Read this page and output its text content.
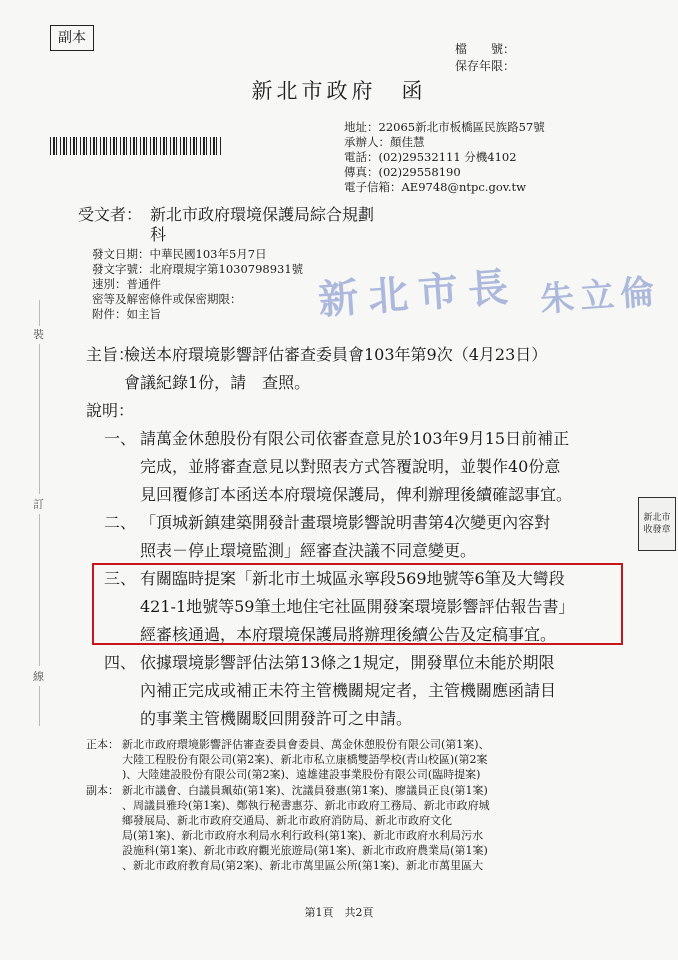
副本
檔　　號：
保存年限：
新北市政府　函
地址：22065新北市板橋區民族路57號
承辦人：顏佳慧
電話：(02)29532111 分機4102
傳真：(02)29558190
電子信箱：AE9748@ntpc.gov.tw
受文者： 新北市政府環境保護局綜合規劃
科
發文日期：中華民國103年5月7日
發文字號：北府環規字第1030798931號
速別：普通件
密等及解密條件或保密期限：
附件：如主旨	新北市長 朱立倫
主旨：
檢送本府環境影響評估審查委員會103年第9次（4月23日）
會議紀錄1份，請　查照。
說明：
一、 請萬金休憩股份有限公司依審查意見於103年9月15日前補正
完成，並將審查意見以對照表方式答覆說明，並製作40份意
見回覆修訂本函送本府環境保護局，俾利辦理後續確認事宜。
二、 「頂城新鎮建築開發計畫環境影響說明書第4次變更內容對
照表－停止環境監測」經審查決議不同意變更。
三、 有關臨時提案「新北市土城區永寧段569地號等6筆及大彎段
421-1地號等59筆土地住宅社區開發案環境影響評估報告書」
經審核通過，本府環境保護局將辦理後續公告及定稿事宜。
四、 依據環境影響評估法第13條之1規定，開發單位未能於期限
內補正完成或補正未符主管機關規定者，主管機關應函請目
的事業主管機關駁回開發許可之申請。
正本： 新北市政府環境影響評估審查委員會委員、萬金休憩股份有限公司(第1案)、
大陸工程股份有限公司(第2案)、新北市私立康橋雙語學校(青山校區)(第2案
)、大陸建設股份有限公司(第2案)、遠雄建設事業股份有限公司(臨時提案)
副本： 新北市議會、白議員珮茹(第1案)、沈議員發惠(第1案)、廖議員正良(第1案)
、周議員雅玲(第1案)、鄭執行秘書惠芬、新北市政府工務局、新北市政府城
鄉發展局、新北市政府交通局、新北市政府消防局、新北市政府文化
局(第1案)、新北市政府水利局水利行政科(第1案)、新北市政府水利局污水
設施科(第1案)、新北市政府觀光旅遊局(第1案)、新北市政府農業局(第1案)
、新北市政府教育局(第2案)、新北市萬里區公所(第1案)、新北市萬里區大
裝
訂
線
新 北 市
收 發 章
第1頁　共2頁
